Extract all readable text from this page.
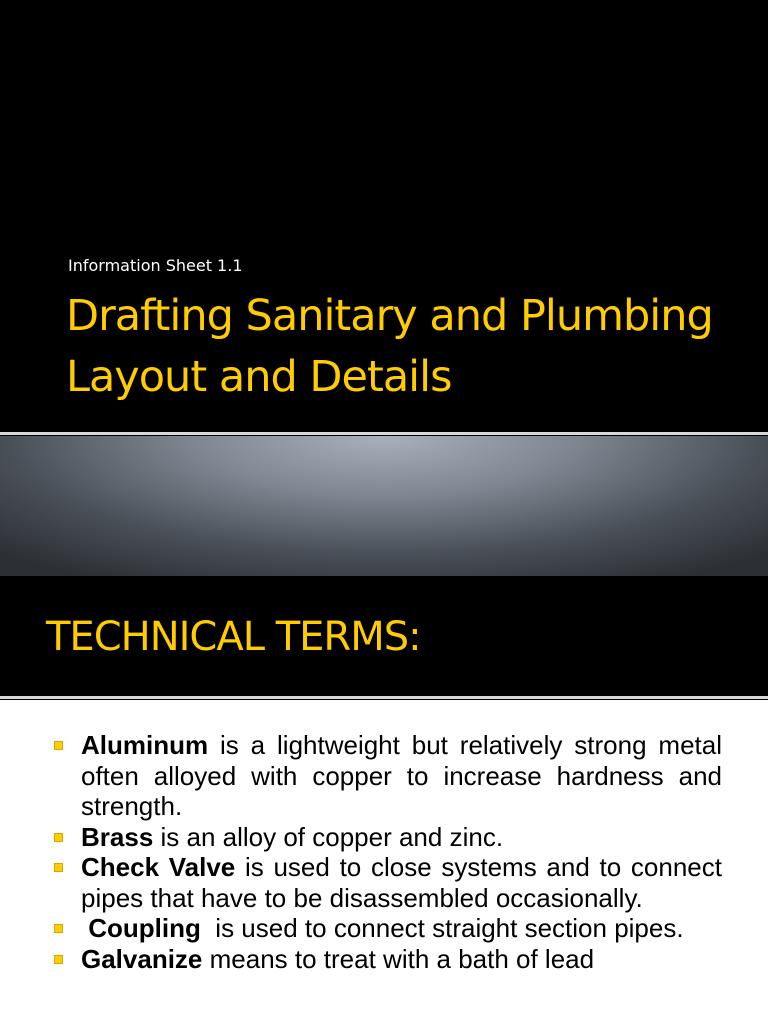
Information Sheet 1.1
Drafting Sanitary and Plumbing Layout and Details
TECHNICAL TERMS:
Aluminum is a lightweight but relatively strong metal often alloyed with copper to increase hardness and strength.
Brass is an alloy of copper and zinc.
Check Valve is used to close systems and to connect pipes that have to be disassembled occasionally.
Coupling  is used to connect straight section pipes.
Galvanize means to treat with a bath of lead
